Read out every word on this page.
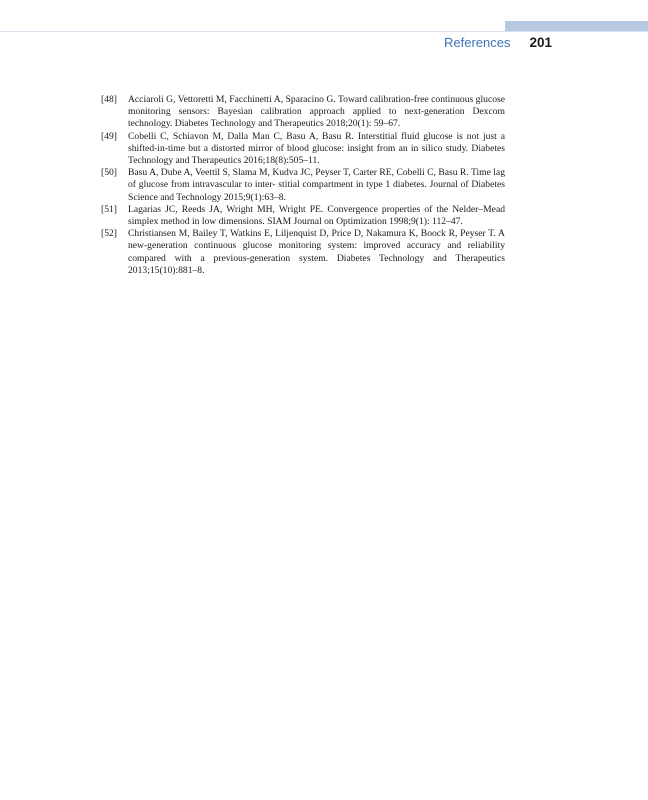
References 201
[48]	Acciaroli G, Vettoretti M, Facchinetti A, Sparacino G. Toward calibration-free continuous glucose monitoring sensors: Bayesian calibration approach applied to next-generation Dexcom technology. Diabetes Technology and Therapeutics 2018;20(1): 59–67.
[49]	Cobelli C, Schiavon M, Dalla Man C, Basu A, Basu R. Interstitial fluid glucose is not just a shifted-in-time but a distorted mirror of blood glucose: insight from an in silico study. Diabetes Technology and Therapeutics 2016;18(8):505–11.
[50]	Basu A, Dube A, Veettil S, Slama M, Kudva JC, Peyser T, Carter RE, Cobelli C, Basu R. Time lag of glucose from intravascular to inter- stitial compartment in type 1 diabetes. Journal of Diabetes Science and Technology 2015;9(1):63–8.
[51]	Lagarias JC, Reeds JA, Wright MH, Wright PE. Convergence properties of the Nelder–Mead simplex method in low dimensions. SIAM Journal on Optimization 1998;9(1): 112–47.
[52]	Christiansen M, Bailey T, Watkins E, Liljenquist D, Price D, Nakamura K, Boock R, Peyser T. A new-generation continuous glucose monitoring system: improved accuracy and reliability compared with a previous-generation system. Diabetes Technology and Therapeutics 2013;15(10):881–8.
